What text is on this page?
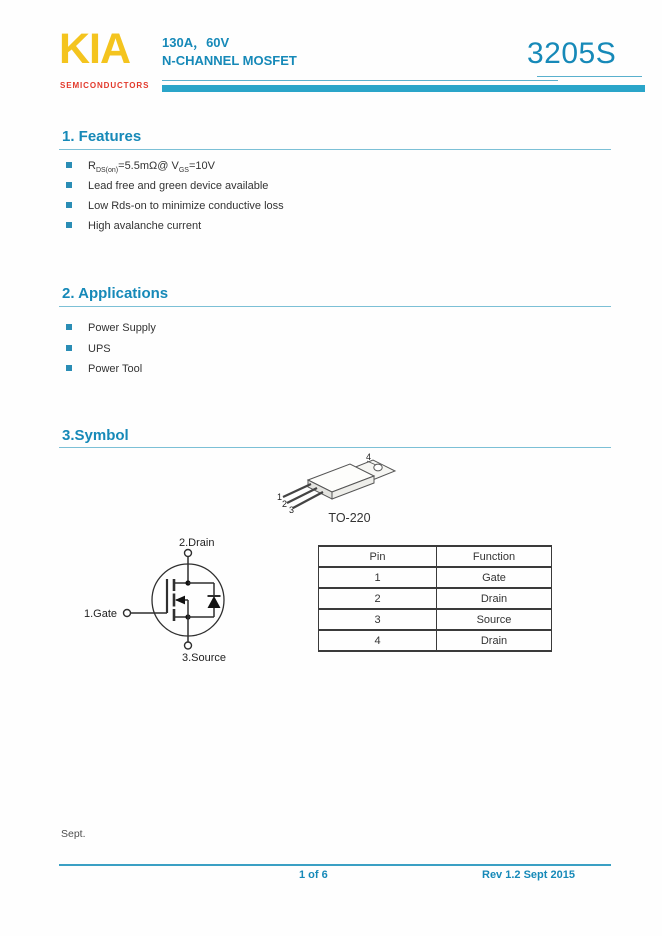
KIA
SEMICONDUCTORS
130A，60V
N-CHANNEL MOSFET	3205S
1. Features
$R_{DS(on)}=5.5m\Omega@$ $V_{GS}=10V$
Lead free and green device available
Low Rds-on to minimize conductive loss
High avalanche current
2. Applications
Power Supply
UPS
Power Tool
3.Symbol
1
2
3
4
TO-220
2.Drain
1.Gate
3.Source
Pin	Function
1	Gate
2	Drain
3	Source
4	Drain
Sept.
1 of 6	Rev 1.2 Sept 2015
